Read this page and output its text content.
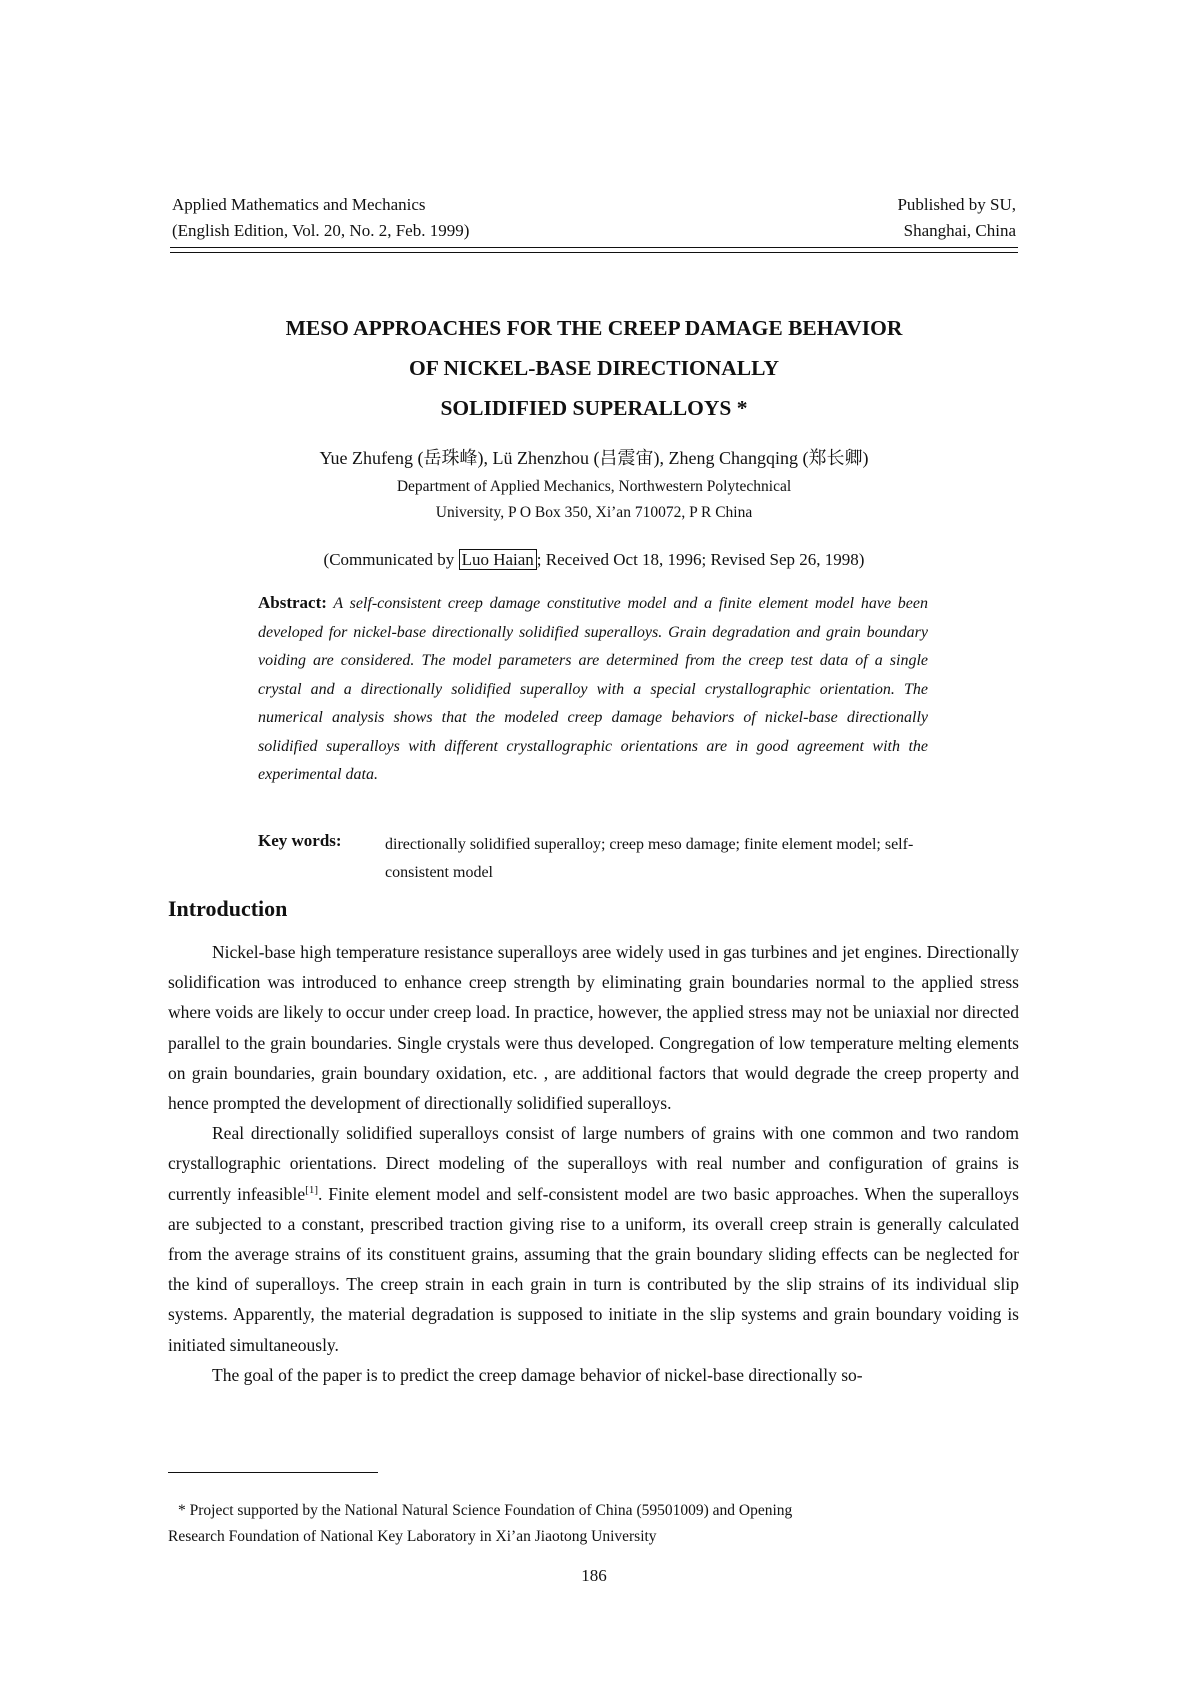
Applied Mathematics and Mechanics
(English Edition, Vol. 20, No. 2, Feb. 1999)
Published by SU,
Shanghai, China
MESO APPROACHES FOR THE CREEP DAMAGE BEHAVIOR
OF NICKEL-BASE DIRECTIONALLY
SOLIDIFIED SUPERALLOYS *
Yue Zhufeng (岳珠峰), Lü Zhenzhou (吕震宙), Zheng Changqing (郑长卿)
Department of Applied Mechanics, Northwestern Polytechnical
University, P O Box 350, Xi’an 710072, P R China
(Communicated by Luo Haian ; Received Oct 18, 1996; Revised Sep 26, 1998)
Abstract: A self-consistent creep damage constitutive model and a finite element model have been developed for nickel-base directionally solidified superalloys. Grain degradation and grain boundary voiding are considered. The model parameters are determined from the creep test data of a single crystal and a directionally solidified superalloy with a special crystallographic orientation. The numerical analysis shows that the modeled creep damage behaviors of nickel-base directionally solidified superalloys with different crystallographic orientations are in good agreement with the experimental data.
Key words:	directionally solidified superalloy; creep meso damage; finite element model; self-consistent model
Introduction

Nickel-base high temperature resistance superalloys aree widely used in gas turbines and jet engines. Directionally solidification was introduced to enhance creep strength by eliminating grain boundaries normal to the applied stress where voids are likely to occur under creep load. In practice, however, the applied stress may not be uniaxial nor directed parallel to the grain boundaries. Single crystals were thus developed. Congregation of low temperature melting elements on grain boundaries, grain boundary oxidation, etc. , are additional factors that would degrade the creep property and hence prompted the development of directionally solidified superalloys.

Real directionally solidified superalloys consist of large numbers of grains with one common and two random crystallographic orientations. Direct modeling of the superalloys with real number and configuration of grains is currently infeasible[1]. Finite element model and self-consistent model are two basic approaches. When the superalloys are subjected to a constant, prescribed traction giving rise to a uniform, its overall creep strain is generally calculated from the average strains of its constituent grains, assuming that the grain boundary sliding effects can be neglected for the kind of superalloys. The creep strain in each grain in turn is contributed by the slip strains of its individual slip systems. Apparently, the material degradation is supposed to initiate in the slip systems and grain boundary voiding is initiated simultaneously.

The goal of the paper is to predict the creep damage behavior of nickel-base directionally so-

* Project supported by the National Natural Science Foundation of China (59501009) and Opening
Research Foundation of National Key Laboratory in Xi’an Jiaotong University
186
